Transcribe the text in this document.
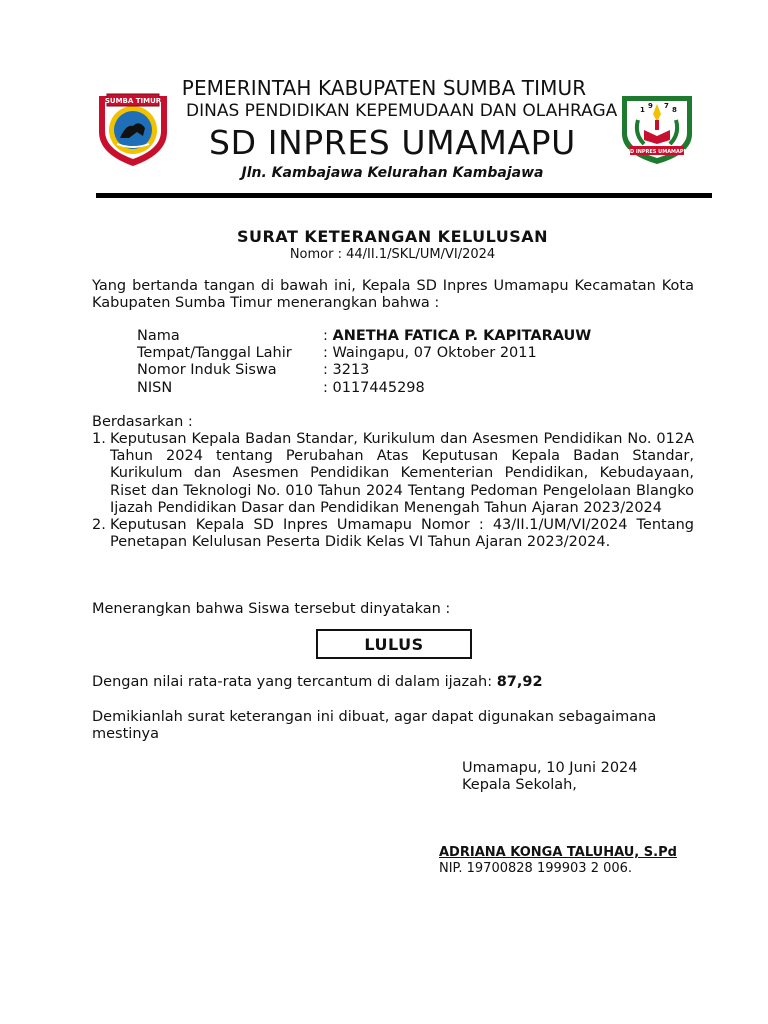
SUMBA TIMUR
1 9 7 8
SD INPRES UMAMAPU
PEMERINTAH KABUPATEN SUMBA TIMUR
DINAS PENDIDIKAN KEPEMUDAAN DAN OLAHRAGA
SD INPRES UMAMAPU
Jln. Kambajawa Kelurahan Kambajawa
SURAT KETERANGAN KELULUSAN
Nomor : 44/II.1/SKL/UM/VI/2024
Yang bertanda tangan di bawah ini, Kepala SD Inpres Umamapu Kecamatan Kota Kabupaten Sumba Timur menerangkan bahwa :
Nama	: ANETHA FATICA P. KAPITARAUW
Tempat/Tanggal Lahir	: Waingapu, 07 Oktober 2011
Nomor Induk Siswa	: 3213
NISN	: 0117445298
Berdasarkan :
1. Keputusan Kepala Badan Standar, Kurikulum dan Asesmen Pendidikan No. 012A Tahun 2024 tentang Perubahan Atas Keputusan Kepala Badan Standar, Kurikulum dan Asesmen Pendidikan Kementerian Pendidikan, Kebudayaan, Riset dan Teknologi No. 010 Tahun 2024 Tentang Pedoman Pengelolaan Blangko Ijazah Pendidikan Dasar dan Pendidikan Menengah Tahun Ajaran 2023/2024
2. Keputusan Kepala SD Inpres Umamapu Nomor : 43/II.1/UM/VI/2024 Tentang Penetapan Kelulusan Peserta Didik Kelas VI Tahun Ajaran 2023/2024.
Menerangkan bahwa Siswa tersebut dinyatakan :
LULUS
Dengan nilai rata-rata yang tercantum di dalam ijazah: 87,92
Demikianlah surat keterangan ini dibuat, agar dapat digunakan sebagaimana mestinya
Umamapu, 10 Juni 2024
Kepala Sekolah,
ADRIANA KONGA TALUHAU, S.Pd
NIP. 19700828 199903 2 006.
